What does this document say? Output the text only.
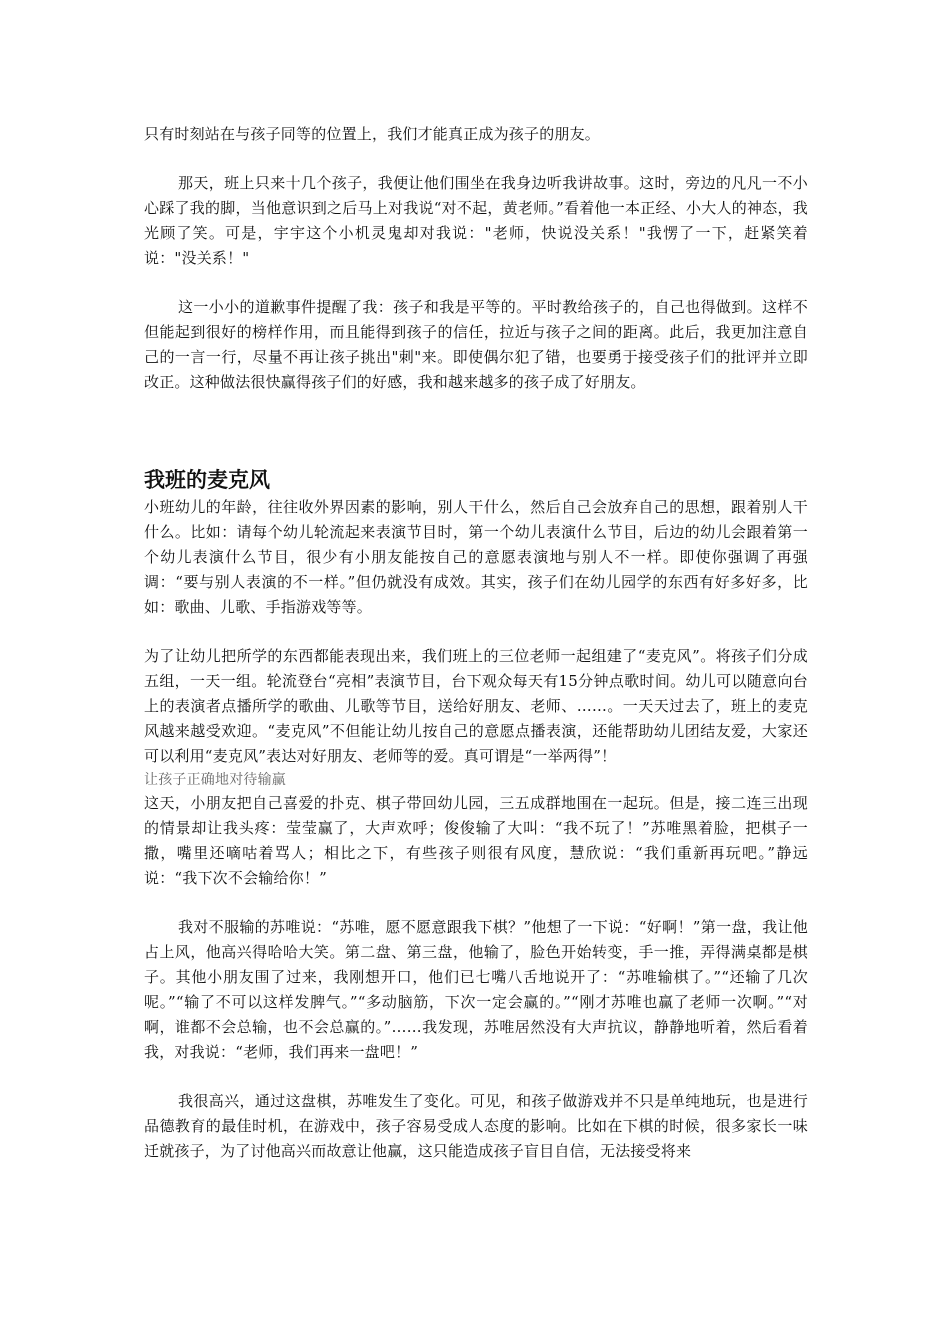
只有时刻站在与孩子同等的位置上，我们才能真正成为孩子的朋友。

那天，班上只来十几个孩子，我便让他们围坐在我身边听我讲故事。这时，旁边的凡凡一不小心踩了我的脚，当他意识到之后马上对我说“对不起，黄老师。”看着他一本正经、小大人的神态，我光顾了笑。可是，宇宇这个小机灵鬼却对我说："老师，快说没关系！"我愣了一下，赶紧笑着说："没关系！"

这一小小的道歉事件提醒了我：孩子和我是平等的。平时教给孩子的，自己也得做到。这样不但能起到很好的榜样作用，而且能得到孩子的信任，拉近与孩子之间的距离。此后，我更加注意自己的一言一行，尽量不再让孩子挑出"刺"来。即使偶尔犯了错，也要勇于接受孩子们的批评并立即改正。这种做法很快赢得孩子们的好感，我和越来越多的孩子成了好朋友。

我班的麦克风

小班幼儿的年龄，往往收外界因素的影响，别人干什么，然后自己会放弃自己的思想，跟着别人干什么。比如：请每个幼儿轮流起来表演节目时，第一个幼儿表演什么节目，后边的幼儿会跟着第一个幼儿表演什么节目，很少有小朋友能按自己的意愿表演地与别人不一样。即使你强调了再强调：“要与别人表演的不一样。”但仍就没有成效。其实，孩子们在幼儿园学的东西有好多好多，比如：歌曲、儿歌、手指游戏等等。

为了让幼儿把所学的东西都能表现出来，我们班上的三位老师一起组建了“麦克风”。将孩子们分成五组，一天一组。轮流登台“亮相”表演节目，台下观众每天有15分钟点歌时间。幼儿可以随意向台上的表演者点播所学的歌曲、儿歌等节目，送给好朋友、老师、……。一天天过去了，班上的麦克风越来越受欢迎。“麦克风”不但能让幼儿按自己的意愿点播表演，还能帮助幼儿团结友爱，大家还可以利用“麦克风”表达对好朋友、老师等的爱。真可谓是“一举两得”！

让孩子正确地对待输赢

这天，小朋友把自己喜爱的扑克、棋子带回幼儿园，三五成群地围在一起玩。但是，接二连三出现的情景却让我头疼：莹莹赢了，大声欢呼；俊俊输了大叫：“我不玩了！”苏唯黑着脸，把棋子一撒，嘴里还嘀咕着骂人；相比之下，有些孩子则很有风度，慧欣说：“我们重新再玩吧。”静远说：“我下次不会输给你！”

我对不服输的苏唯说：“苏唯，愿不愿意跟我下棋？”他想了一下说：“好啊！”第一盘，我让他占上风，他高兴得哈哈大笑。第二盘、第三盘，他输了，脸色开始转变，手一推，弄得满桌都是棋子。其他小朋友围了过来，我刚想开口，他们已七嘴八舌地说开了：“苏唯输棋了。”“还输了几次呢。”“输了不可以这样发脾气。”“多动脑筋，下次一定会赢的。”“刚才苏唯也赢了老师一次啊。”“对啊，谁都不会总输，也不会总赢的。”……我发现，苏唯居然没有大声抗议，静静地听着，然后看着我，对我说：“老师，我们再来一盘吧！”

我很高兴，通过这盘棋，苏唯发生了变化。可见，和孩子做游戏并不只是单纯地玩，也是进行品德教育的最佳时机，在游戏中，孩子容易受成人态度的影响。比如在下棋的时候，很多家长一味迁就孩子，为了讨他高兴而故意让他赢，这只能造成孩子盲目自信，无法接受将来
